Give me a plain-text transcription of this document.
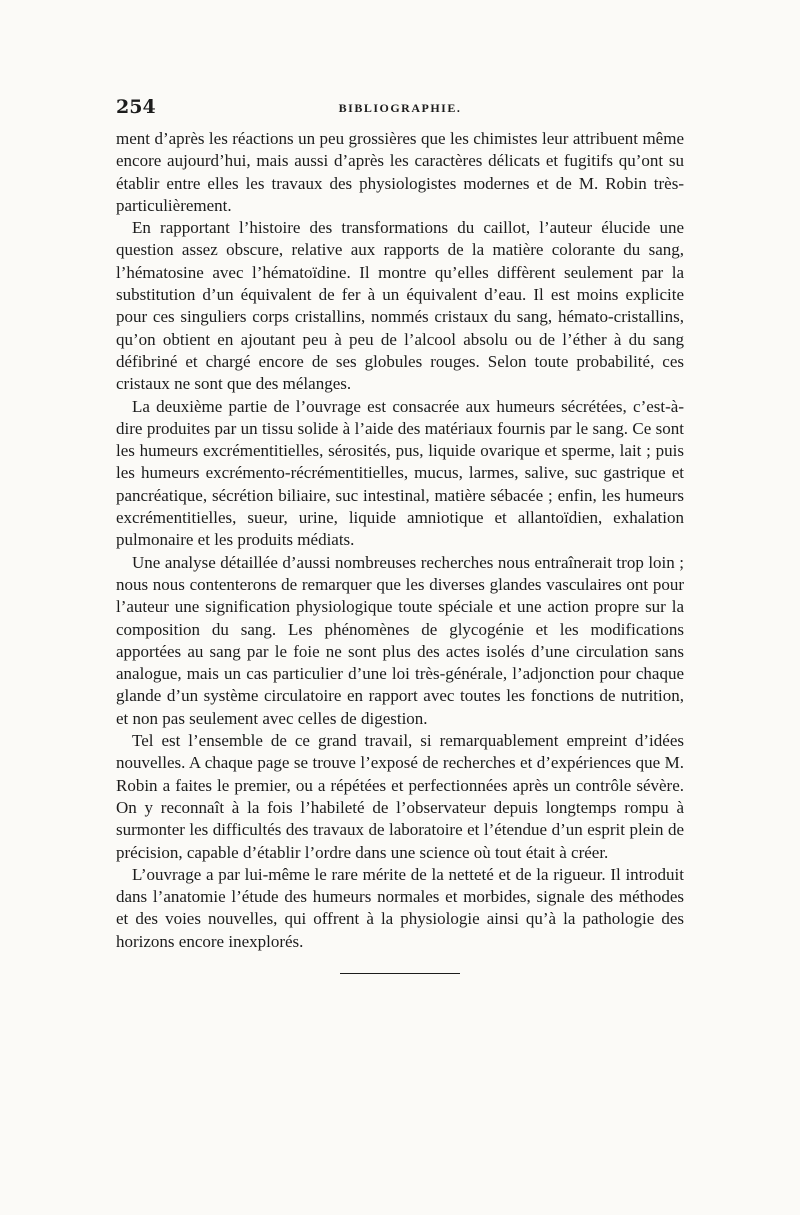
254	BIBLIOGRAPHIE.

ment d’après les réactions un peu grossières que les chimistes leur attribuent même encore aujourd’hui, mais aussi d’après les caractères délicats et fugitifs qu’ont su établir entre elles les travaux des physiologistes modernes et de M. Robin très-particulièrement.

En rapportant l’histoire des transformations du caillot, l’auteur élucide une question assez obscure, relative aux rapports de la matière colorante du sang, l’hématosine avec l’hématoïdine. Il montre qu’elles diffèrent seulement par la substitution d’un équivalent de fer à un équivalent d’eau. Il est moins explicite pour ces singuliers corps cristallins, nommés cristaux du sang, hémato-cristallins, qu’on obtient en ajoutant peu à peu de l’alcool absolu ou de l’éther à du sang défibriné et chargé encore de ses globules rouges. Selon toute probabilité, ces cristaux ne sont que des mélanges.

La deuxième partie de l’ouvrage est consacrée aux humeurs sécrétées, c’est-à-dire produites par un tissu solide à l’aide des matériaux fournis par le sang. Ce sont les humeurs excrémentitielles, sérosités, pus, liquide ovarique et sperme, lait ; puis les humeurs excrémento-récrémentitielles, mucus, larmes, salive, suc gastrique et pancréatique, sécrétion biliaire, suc intestinal, matière sébacée ; enfin, les humeurs excrémentitielles, sueur, urine, liquide amniotique et allantoïdien, exhalation pulmonaire et les produits médiats.

Une analyse détaillée d’aussi nombreuses recherches nous entraînerait trop loin ; nous nous contenterons de remarquer que les diverses glandes vasculaires ont pour l’auteur une signification physiologique toute spéciale et une action propre sur la composition du sang. Les phénomènes de glycogénie et les modifications apportées au sang par le foie ne sont plus des actes isolés d’une circulation sans analogue, mais un cas particulier d’une loi très-générale, l’adjonction pour chaque glande d’un système circulatoire en rapport avec toutes les fonctions de nutrition, et non pas seulement avec celles de digestion.

Tel est l’ensemble de ce grand travail, si remarquablement empreint d’idées nouvelles. A chaque page se trouve l’exposé de recherches et d’expériences que M. Robin a faites le premier, ou a répétées et perfectionnées après un contrôle sévère. On y reconnaît à la fois l’habileté de l’observateur depuis longtemps rompu à surmonter les difficultés des travaux de laboratoire et l’étendue d’un esprit plein de précision, capable d’établir l’ordre dans une science où tout était à créer.

L’ouvrage a par lui-même le rare mérite de la netteté et de la rigueur. Il introduit dans l’anatomie l’étude des humeurs normales et morbides, signale des méthodes et des voies nouvelles, qui offrent à la physiologie ainsi qu’à la pathologie des horizons encore inexplorés.
